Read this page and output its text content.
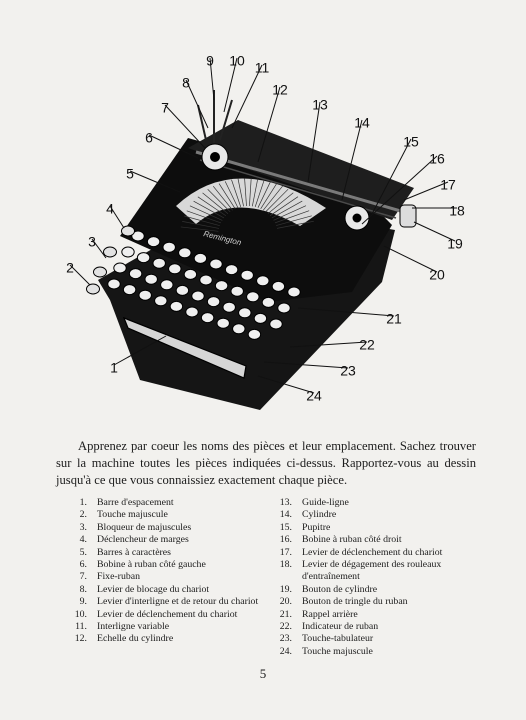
Remington
1
2
3
4
5
6
7
8
9 10 11
12
13
14
15
16
17
18
19
20
21
22
23
24

Apprenez par coeur les noms des pièces et leur emplacement. Sachez trouver sur la machine toutes les pièces indiquées ci-dessus. Rapportez-vous au dessin jusqu'à ce que vous connaissiez exactement chaque pièce.

1.	Barre d'espacement
2.	Touche majuscule
3.	Bloqueur de majuscules
4.	Déclencheur de marges
5.	Barres à caractères
6.	Bobine à ruban côté gauche
7.	Fixe-ruban
8.	Levier de blocage du chariot
9.	Levier d'interligne et de retour du chariot
10.	Levier de déclenchement du chariot
11.	Interligne variable
12.	Echelle du cylindre
13.	Guide-ligne
14.	Cylindre
15.	Pupitre
16.	Bobine à ruban côté droit
17.	Levier de déclenchement du chariot
18.	Levier de dégagement des rouleaux d'entraînement
19.	Bouton de cylindre
20.	Bouton de tringle du ruban
21.	Rappel arrière
22.	Indicateur de ruban
23.	Touche-tabulateur
24.	Touche majuscule
5
